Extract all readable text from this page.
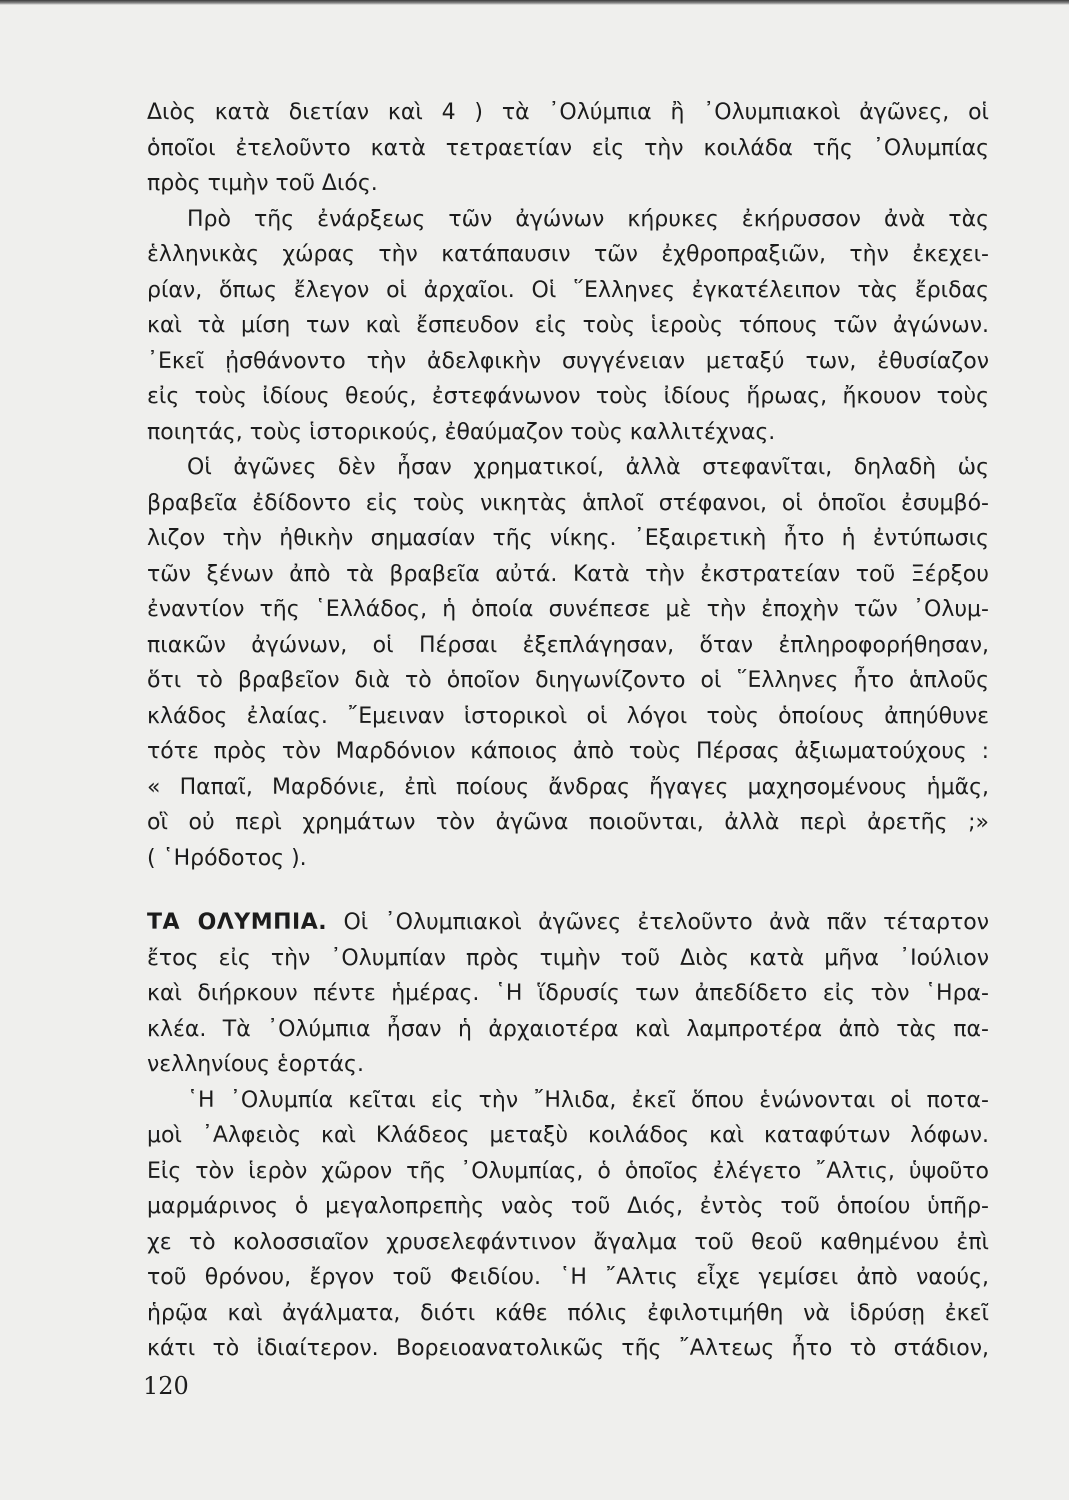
Διὸς κατὰ διετίαν καὶ 4 ) τὰ ᾽Ολύμπια ἢ ᾽Ολυμπιακοὶ ἀγῶνες, οἱ
ὁποῖοι ἐτελοῦντο κατὰ τετραετίαν εἰς τὴν κοιλάδα τῆς ᾽Ολυμπίας
πρὸς τιμὴν τοῦ Διός.
Πρὸ τῆς ἐνάρξεως τῶν ἀγώνων κήρυκες ἐκήρυσσον ἀνὰ τὰς
ἑλληνικὰς χώρας τὴν κατάπαυσιν τῶν ἐχθροπραξιῶν, τὴν ἐκεχει-
ρίαν, ὅπως ἔλεγον οἱ ἀρχαῖοι. Οἱ ῞Ελληνες ἐγκατέλειπον τὰς ἔριδας
καὶ τὰ μίση των καὶ ἔσπευδον εἰς τοὺς ἱεροὺς τόπους τῶν ἀγώνων.
᾽Εκεῖ ᾐσθάνοντο τὴν ἀδελφικὴν συγγένειαν μεταξύ των, ἐθυσίαζον
εἰς τοὺς ἰδίους θεούς, ἐστεφάνωνον τοὺς ἰδίους ἥρωας, ἤκουον τοὺς
ποιητάς, τοὺς ἱστορικούς, ἐθαύμαζον τοὺς καλλιτέχνας.
Οἱ ἀγῶνες δὲν ἦσαν χρηματικοί, ἀλλὰ στεφανῖται, δηλαδὴ ὡς
βραβεῖα ἐδίδοντο εἰς τοὺς νικητὰς ἁπλοῖ στέφανοι, οἱ ὁποῖοι ἐσυμβό-
λιζον τὴν ἠθικὴν σημασίαν τῆς νίκης. ᾽Εξαιρετικὴ ἦτο ἡ ἐντύπωσις
τῶν ξένων ἀπὸ τὰ βραβεῖα αὐτά. Κατὰ τὴν ἐκστρατείαν τοῦ Ξέρξου
ἐναντίον τῆς ῾Ελλάδος, ἡ ὁποία συνέπεσε μὲ τὴν ἐποχὴν τῶν ᾽Ολυμ-
πιακῶν ἀγώνων, οἱ Πέρσαι ἐξεπλάγησαν, ὅταν ἐπληροφορήθησαν,
ὅτι τὸ βραβεῖον διὰ τὸ ὁποῖον διηγωνίζοντο οἱ ῞Ελληνες ἦτο ἁπλοῦς
κλάδος ἐλαίας. ῎Εμειναν ἱστορικοὶ οἱ λόγοι τοὺς ὁποίους ἀπηύθυνε
τότε πρὸς τὸν Μαρδόνιον κάποιος ἀπὸ τοὺς Πέρσας ἀξιωματούχους :
« Παπαῖ, Μαρδόνιε, ἐπὶ ποίους ἄνδρας ἤγαγες μαχησομένους ἡμᾶς,
οἳ οὐ περὶ χρημάτων τὸν ἀγῶνα ποιοῦνται, ἀλλὰ περὶ ἀρετῆς ;»
( ῾Ηρόδοτος ).
ΤΑ ΟΛΥΜΠΙΑ. Οἱ ᾽Ολυμπιακοὶ ἀγῶνες ἐτελοῦντο ἀνὰ πᾶν τέταρτον
ἔτος εἰς τὴν ᾽Ολυμπίαν πρὸς τιμὴν τοῦ Διὸς κατὰ μῆνα ᾽Ιούλιον
καὶ διήρκουν πέντε ἡμέρας. ῾Η ἵδρυσίς των ἀπεδίδετο εἰς τὸν ῾Ηρα-
κλέα. Τὰ ᾽Ολύμπια ἦσαν ἡ ἀρχαιοτέρα καὶ λαμπροτέρα ἀπὸ τὰς πα-
νελληνίους ἑορτάς.
῾Η ᾽Ολυμπία κεῖται εἰς τὴν ῎Ηλιδα, ἐκεῖ ὅπου ἑνώνονται οἱ ποτα-
μοὶ ᾽Αλφειὸς καὶ Κλάδεος μεταξὺ κοιλάδος καὶ καταφύτων λόφων.
Εἰς τὸν ἱερὸν χῶρον τῆς ᾽Ολυμπίας, ὁ ὁποῖος ἐλέγετο ῎Αλτις, ὑψοῦτο
μαρμάρινος ὁ μεγαλοπρεπὴς ναὸς τοῦ Διός, ἐντὸς τοῦ ὁποίου ὑπῆρ-
χε τὸ κολοσσιαῖον χρυσελεφάντινον ἄγαλμα τοῦ θεοῦ καθημένου ἐπὶ
τοῦ θρόνου, ἔργον τοῦ Φειδίου. ῾Η ῎Αλτις εἶχε γεμίσει ἀπὸ ναούς,
ἡρῷα καὶ ἀγάλματα, διότι κάθε πόλις ἐφιλοτιμήθη νὰ ἱδρύσῃ ἐκεῖ
κάτι τὸ ἰδιαίτερον. Βορειοανατολικῶς τῆς ῎Αλτεως ἦτο τὸ στάδιον,
120
